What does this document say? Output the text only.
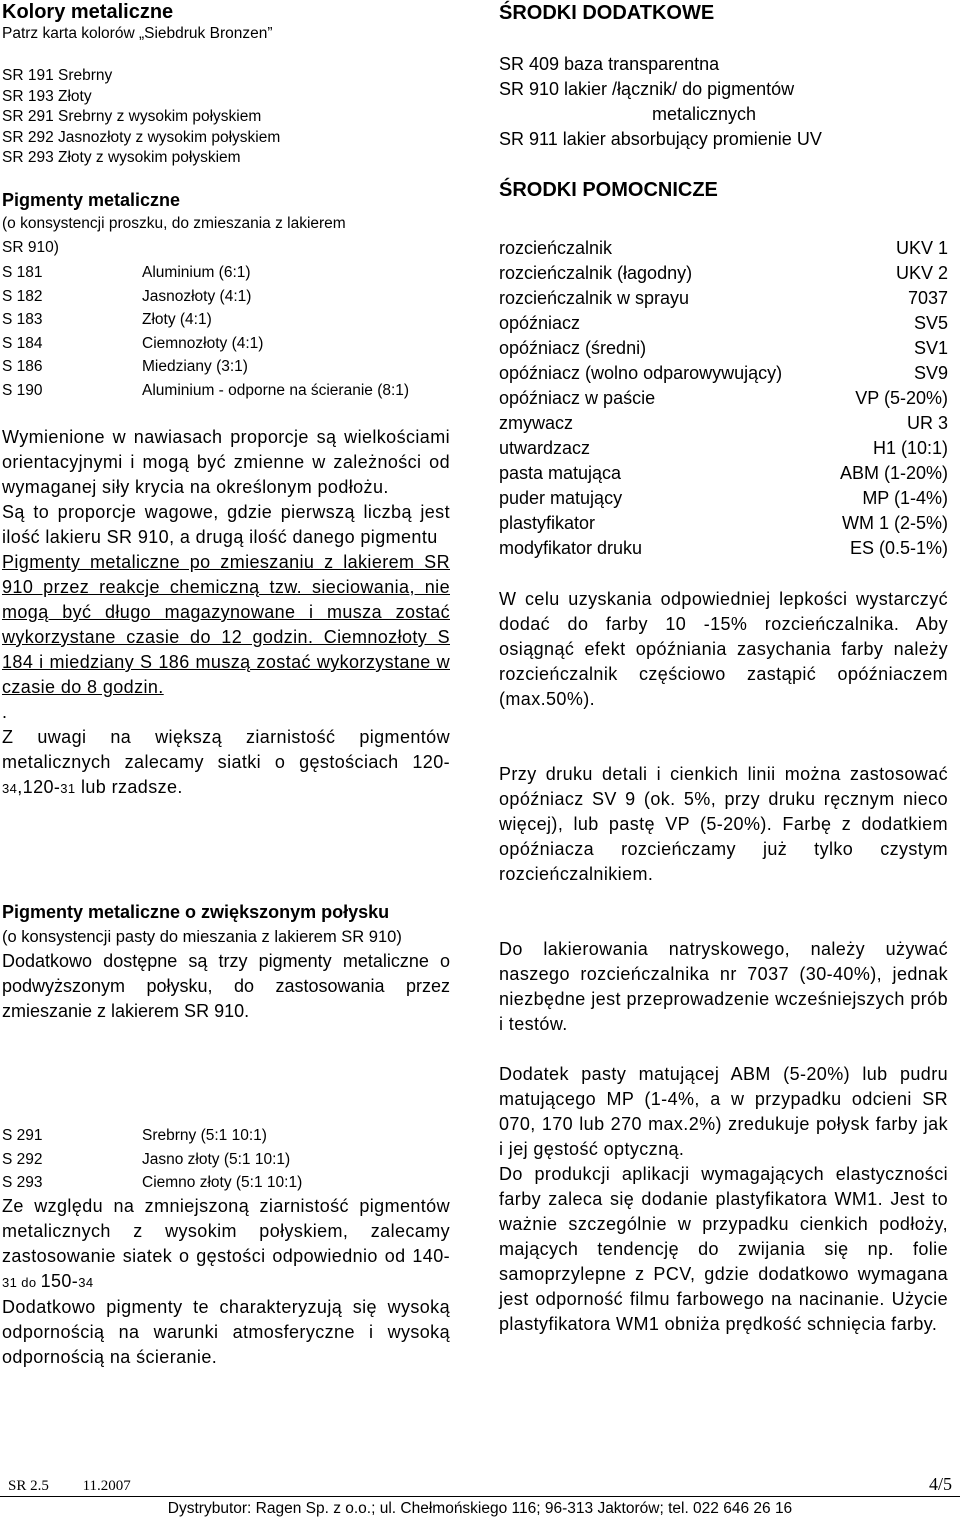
Kolory metaliczne
Patrz karta kolorów „Siebdruk Bronzen”
SR 191 Srebrny
SR 193 Złoty
SR 291 Srebrny z wysokim połyskiem
SR 292 Jasnozłoty z wysokim połyskiem
SR 293 Złoty z wysokim połyskiem
Pigmenty metaliczne
(o konsystencji proszku, do zmieszania z lakierem
SR 910)
S 181	Aluminium (6:1)
S 182	Jasnozłoty (4:1)
S 183	Złoty (4:1)
S 184	Ciemnozłoty (4:1)
S 186	Miedziany (3:1)
S 190	Aluminium - odporne na ścieranie (8:1)

Wymienione w nawiasach proporcje są wielkościami orientacyjnymi i mogą być zmienne w zależności od wymaganej siły krycia na określonym podłożu.

Są to proporcje wagowe, gdzie pierwszą liczbą jest ilość lakieru SR 910, a drugą ilość danego pigmentu

Pigmenty metaliczne po zmieszaniu z lakierem SR 910 przez reakcje chemiczną tzw. sieciowania, nie mogą być długo magazynowane i musza zostać wykorzystane czasie do 12 godzin. Ciemnozłoty S 184 i miedziany S 186 muszą zostać wykorzystane w czasie do 8 godzin.

.

Z uwagi na większą ziarnistość pigmentów metalicznych zalecamy siatki o gęstościach 120-34,120-31 lub rzadsze.

Pigmenty metaliczne o zwiększonym połysku
(o konsystencji pasty do mieszania z lakierem SR 910)

Dodatkowo dostępne są trzy pigmenty metaliczne o podwyższonym połysku, do zastosowania przez zmieszanie z lakierem SR 910.

S 291	Srebrny (5:1 10:1)
S 292	Jasno złoty (5:1 10:1)
S 293	Ciemno złoty (5:1 10:1)

Ze względu na zmniejszoną ziarnistość pigmentów metalicznych z wysokim połyskiem, zalecamy zastosowanie siatek o gęstości odpowiednio od 140-31 do 150-34

Dodatkowo pigmenty te charakteryzują się wysoką odpornością na warunki atmosferyczne i wysoką odpornością na ścieranie.

ŚRODKI DODATKOWE
SR 409 baza transparentna
SR 910 lakier /łącznik/ do pigmentów
metalicznych
SR 911 lakier absorbujący promienie UV
ŚRODKI POMOCNICZE
rozcieńczalnik	UKV 1
rozcieńczalnik (łagodny)	UKV 2
rozcieńczalnik w sprayu	7037
opóźniacz	SV5
opóźniacz (średni)	SV1
opóźniacz (wolno odparowywujący)	SV9
opóźniacz w paście	VP (5-20%)
zmywacz	UR 3
utwardzacz	H1 (10:1)
pasta matująca	ABM (1-20%)
puder matujący	MP (1-4%)
plastyfikator	WM 1 (2-5%)
modyfikator druku	ES (0.5-1%)

W celu uzyskania odpowiedniej lepkości wystarczyć dodać do farby 10 -15% rozcieńczalnika. Aby osiągnąć efekt opóźniania zasychania farby należy rozcieńczalnik częściowo zastąpić opóźniaczem (max.50%).

Przy druku detali i cienkich linii można zastosować opóźniacz SV 9 (ok. 5%, przy druku ręcznym nieco więcej), lub pastę VP (5-20%). Farbę z dodatkiem opóźniacza rozcieńczamy już tylko czystym rozcieńczalnikiem.

Do lakierowania natryskowego, należy używać naszego rozcieńczalnika nr 7037 (30-40%), jednak niezbędne jest przeprowadzenie wcześniejszych prób i testów.

Dodatek pasty matującej ABM (5-20%) lub pudru matującego MP (1-4%, a w przypadku odcieni SR 070, 170 lub 270 max.2%) zredukuje połysk farby jak i jej gęstość optyczną.

Do produkcji aplikacji wymagających elastyczności farby zaleca się dodanie plastyfikatora WM1. Jest to ważnie szczególnie w przypadku cienkich podłoży, mających tendencję do zwijania się np. folie samoprzylepne z PCV, gdzie dodatkowo wymagana jest odporność filmu farbowego na nacinanie. Użycie plastyfikatora WM1 obniża prędkość schnięcia farby.

SR 2.5 11.2007	4/5
Dystrybutor: Ragen Sp. z o.o.; ul. Chełmońskiego 116; 96-313 Jaktorów; tel. 022 646 26 16
